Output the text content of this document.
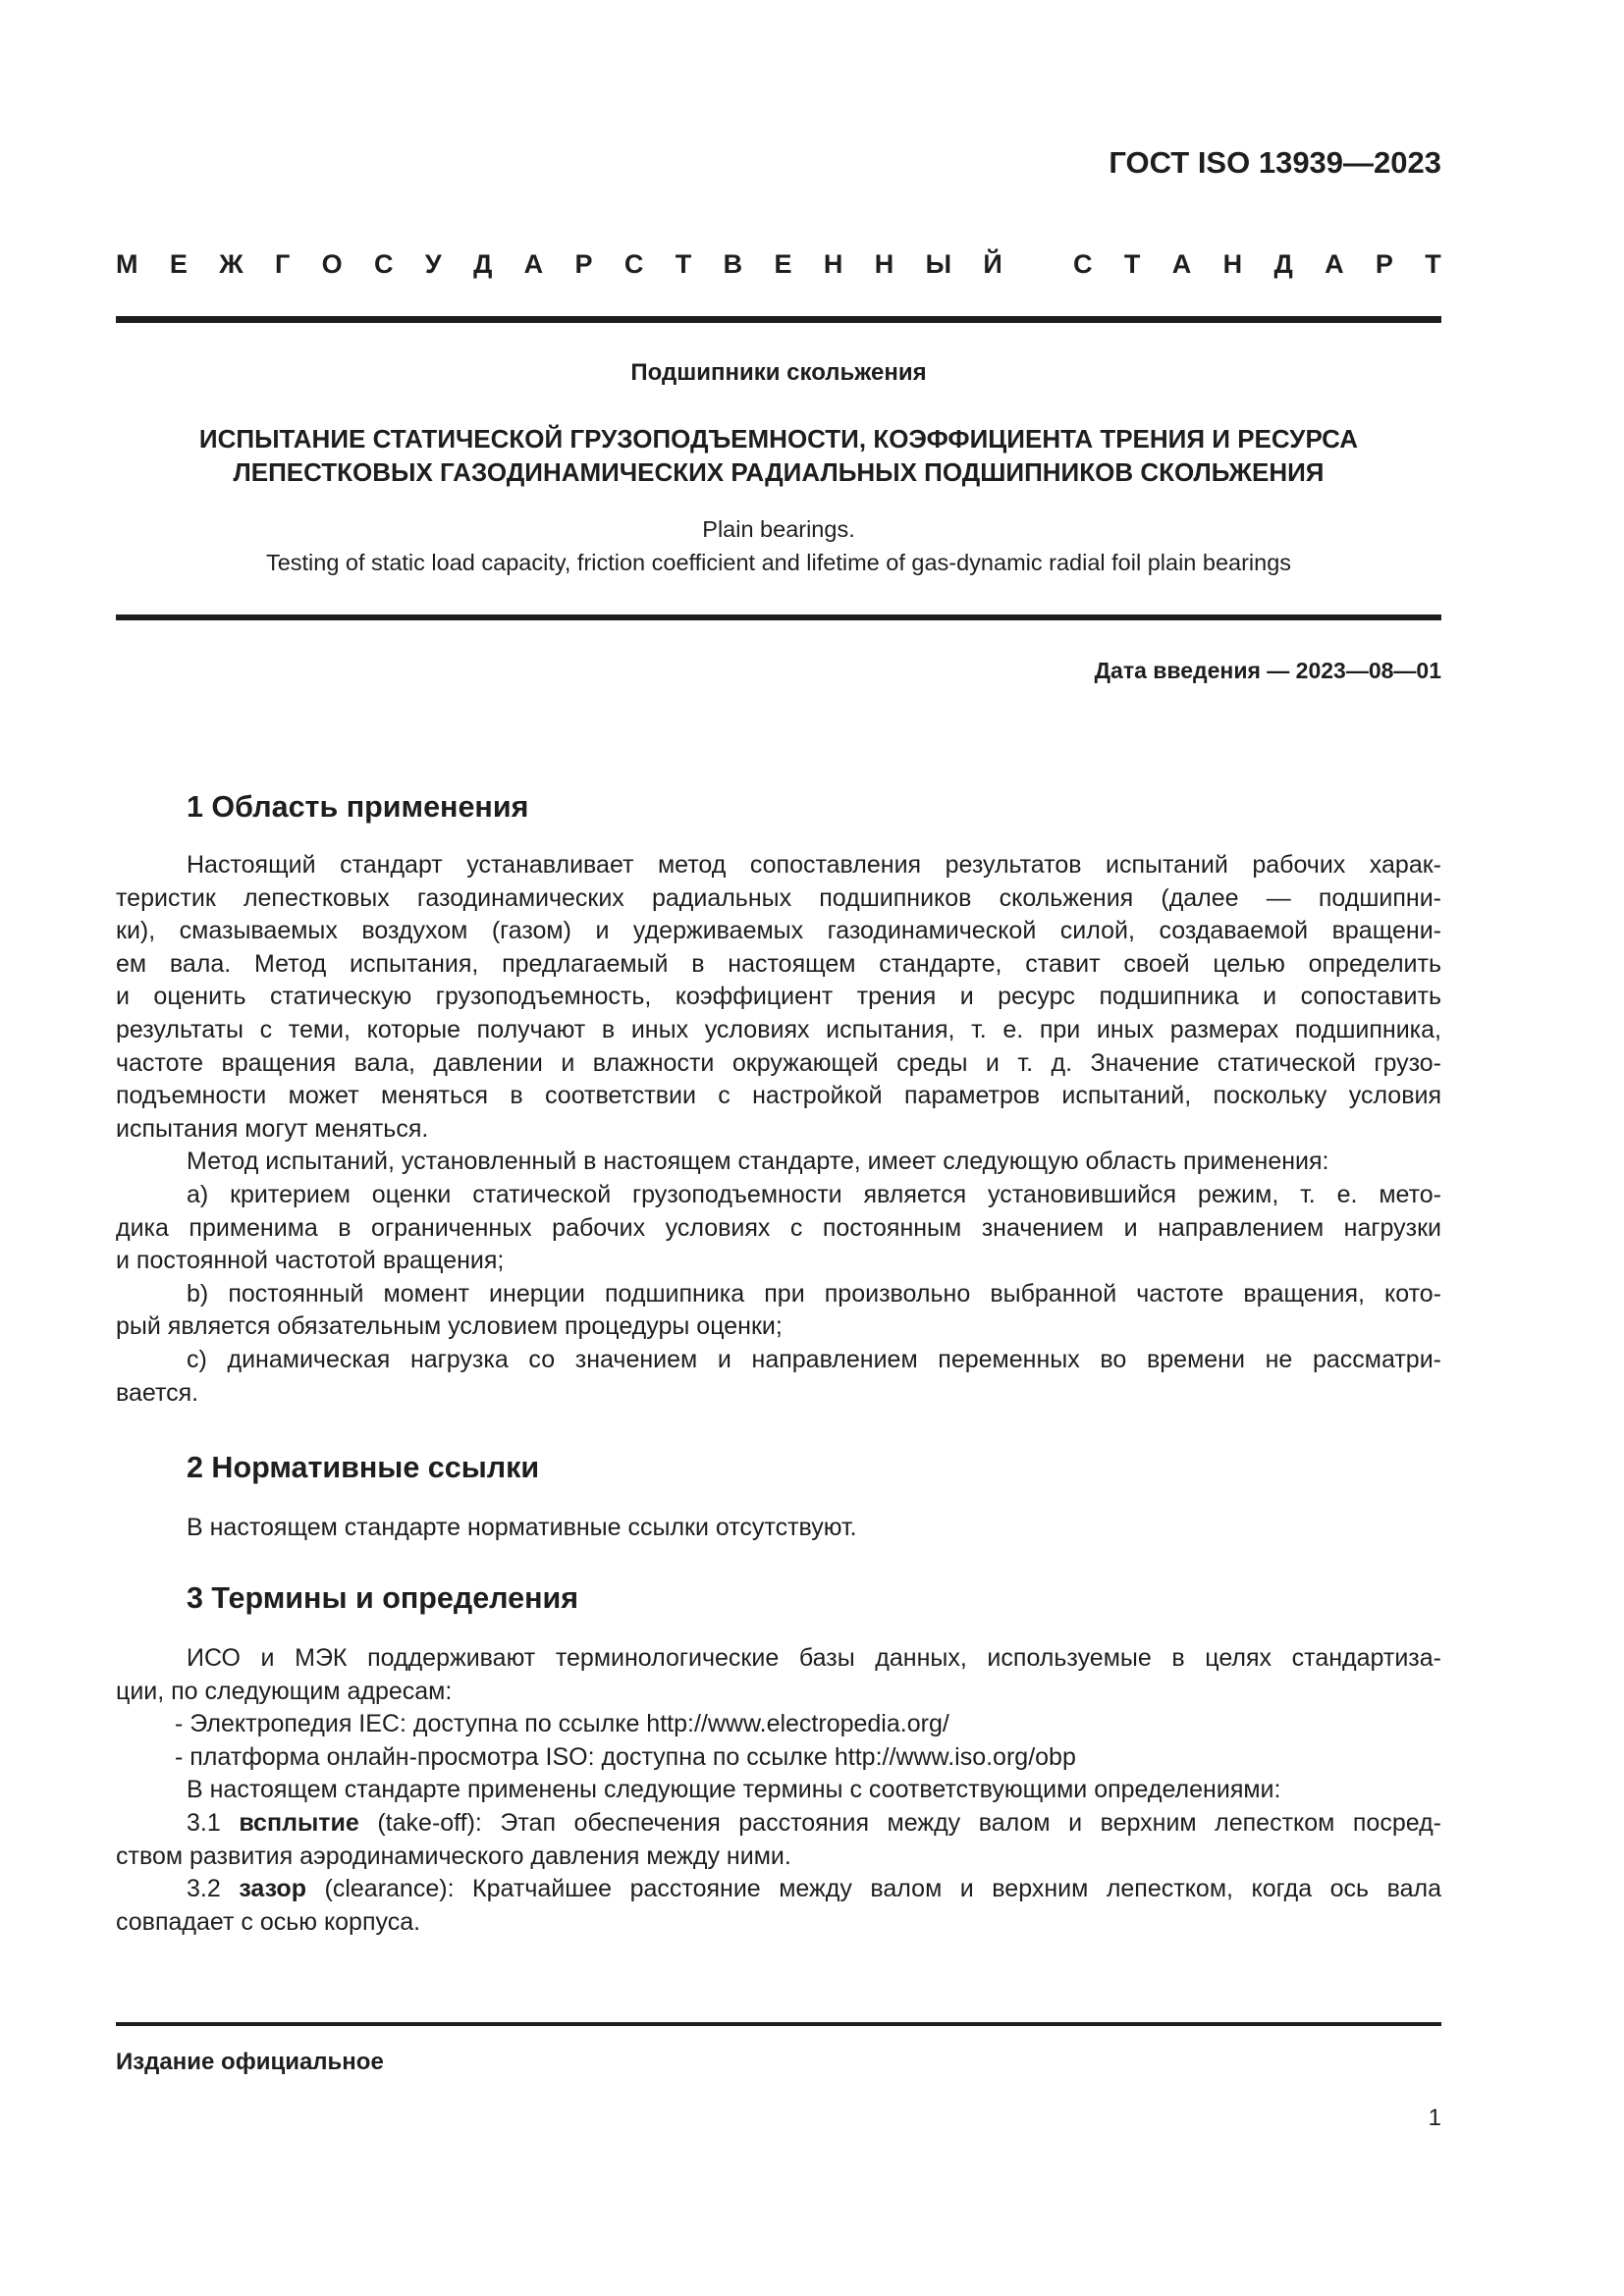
ГОСТ ISO 13939—2023
М Е Ж Г О С У Д А Р С Т В Е Н Н Ы Й
	С Т А Н Д А Р Т
Подшипники скольжения
ИСПЫТАНИЕ СТАТИЧЕСКОЙ ГРУЗОПОДЪЕМНОСТИ, КОЭФФИЦИЕНТА ТРЕНИЯ И РЕСУРСА
ЛЕПЕСТКОВЫХ ГАЗОДИНАМИЧЕСКИХ РАДИАЛЬНЫХ ПОДШИПНИКОВ СКОЛЬЖЕНИЯ
Plain bearings.
Testing of static load capacity, friction coefficient and lifetime of gas-dynamic radial foil plain bearings
Дата введения — 2023—08—01
1 Область применения
Настоящий стандарт устанавливает метод сопоставления результатов испытаний рабочих харак-
теристик лепестковых газодинамических радиальных подшипников скольжения (далее — подшипни-
ки), смазываемых воздухом (газом) и удерживаемых газодинамической силой, создаваемой вращени-
ем вала. Метод испытания, предлагаемый в настоящем стандарте, ставит своей целью определить
и оценить статическую грузоподъемность, коэффициент трения и ресурс подшипника и сопоставить
результаты с теми, которые получают в иных условиях испытания, т. е. при иных размерах подшипника,
частоте вращения вала, давлении и влажности окружающей среды и т. д. Значение статической грузо-
подъемности может меняться в соответствии с настройкой параметров испытаний, поскольку условия
испытания могут меняться.
Метод испытаний, установленный в настоящем стандарте, имеет следующую область применения:
а) критерием оценки статической грузоподъемности является установившийся режим, т. е. мето-
дика применима в ограниченных рабочих условиях с постоянным значением и направлением нагрузки
и постоянной частотой вращения;
b) постоянный момент инерции подшипника при произвольно выбранной частоте вращения, кото-
рый является обязательным условием процедуры оценки;
с) динамическая нагрузка со значением и направлением переменных во времени не рассматри-
вается.
2 Нормативные ссылки
В настоящем стандарте нормативные ссылки отсутствуют.
3 Термины и определения
ИСО и МЭК поддерживают терминологические базы данных, используемые в целях стандартиза-
ции, по следующим адресам:
- Электропедия IEC: доступна по ссылке http://www.electropedia.org/
- платформа онлайн-просмотра ISO: доступна по ссылке http://www.iso.org/obp
В настоящем стандарте применены следующие термины с соответствующими определениями:
3.1 всплытие (take-off): Этап обеспечения расстояния между валом и верхним лепестком посред-
ством развития аэродинамического давления между ними.
3.2 зазор (clearance): Кратчайшее расстояние между валом и верхним лепестком, когда ось вала
совпадает с осью корпуса.
Издание официальное
1
